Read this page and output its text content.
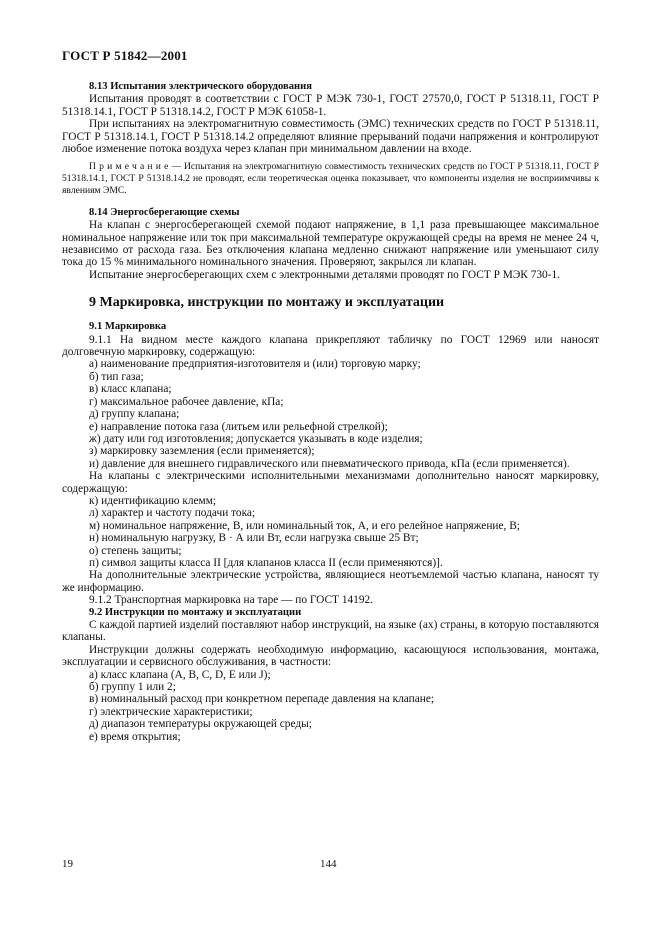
ГОСТ Р 51842—2001

8.13 Испытания электрического оборудования

Испытания проводят в соответствии с ГОСТ Р МЭК 730-1, ГОСТ 27570,0, ГОСТ Р 51318.11, ГОСТ Р 51318.14.1, ГОСТ Р 51318.14.2, ГОСТ Р МЭК 61058-1.

При испытаниях на электромагнитную совместимость (ЭМС) технических средств по ГОСТ Р 51318.11, ГОСТ Р 51318.14.1, ГОСТ Р 51318.14.2 определяют влияние прерываний подачи напряжения и контролируют любое изменение потока воздуха через клапан при минимальном давлении на входе.

Примечание— Испытания на электромагнитную совместимость технических средств по ГОСТ Р 51318.11, ГОСТ Р 51318.14.1, ГОСТ Р 51318.14.2 не проводят, если теоретическая оценка показывает, что компоненты изделия не восприимчивы к явлениям ЭМС.

8.14 Энергосберегающие схемы

На клапан с энергосберегающей схемой подают напряжение, в 1,1 раза превышающее максимальное номинальное напряжение или ток при максимальной температуре окружающей среды на время не менее 24 ч, независимо от расхода газа. Без отключения клапана медленно снижают напряжение или уменьшают силу тока до 15 % минимального номинального значения. Проверяют, закрылся ли клапан.

Испытание энергосберегающих схем с электронными деталями проводят по ГОСТ Р МЭК 730-1.

9 Маркировка, инструкции по монтажу и эксплуатации

9.1 Маркировка

9.1.1 На видном месте каждого клапана прикрепляют табличку по ГОСТ 12969 или наносят долговечную маркировку, содержащую:

а) наименование предприятия-изготовителя и (или) торговую марку;

б) тип газа;

в) класс клапана;

г) максимальное рабочее давление, кПа;

д) группу клапана;

е) направление потока газа (литьем или рельефной стрелкой);

ж) дату или год изготовления; допускается указывать в коде изделия;

з) маркировку заземления (если применяется);

и) давление для внешнего гидравлического или пневматического привода, кПа (если применяется).

На клапаны с электрическими исполнительными механизмами дополнительно наносят маркировку, содержащую:

к) идентификацию клемм;

л) характер и частоту подачи тока;

м) номинальное напряжение, В, или номинальный ток, А, и его релейное напряжение, В;

н) номинальную нагрузку, В · А или Вт, если нагрузка свыше 25 Вт;

о) степень защиты;

п) символ защиты класса II [для клапанов класса II (если применяются)].

На дополнительные электрические устройства, являющиеся неотъемлемой частью клапана, наносят ту же информацию.

9.1.2 Транспортная маркировка на таре — по ГОСТ 14192.

9.2 Инструкции по монтажу и эксплуатации

С каждой партией изделий поставляют набор инструкций, на языке (ах) страны, в которую поставляются клапаны.

Инструкции должны содержать необходимую информацию, касающуюся использования, монтажа, эксплуатации и сервисного обслуживания, в частности:

а) класс клапана (A, B, C, D, E или J);

б) группу 1 или 2;

в) номинальный расход при конкретном перепаде давления на клапане;

г) электрические характеристики;

д) диапазон температуры окружающей среды;

е) время открытия;

19	144
